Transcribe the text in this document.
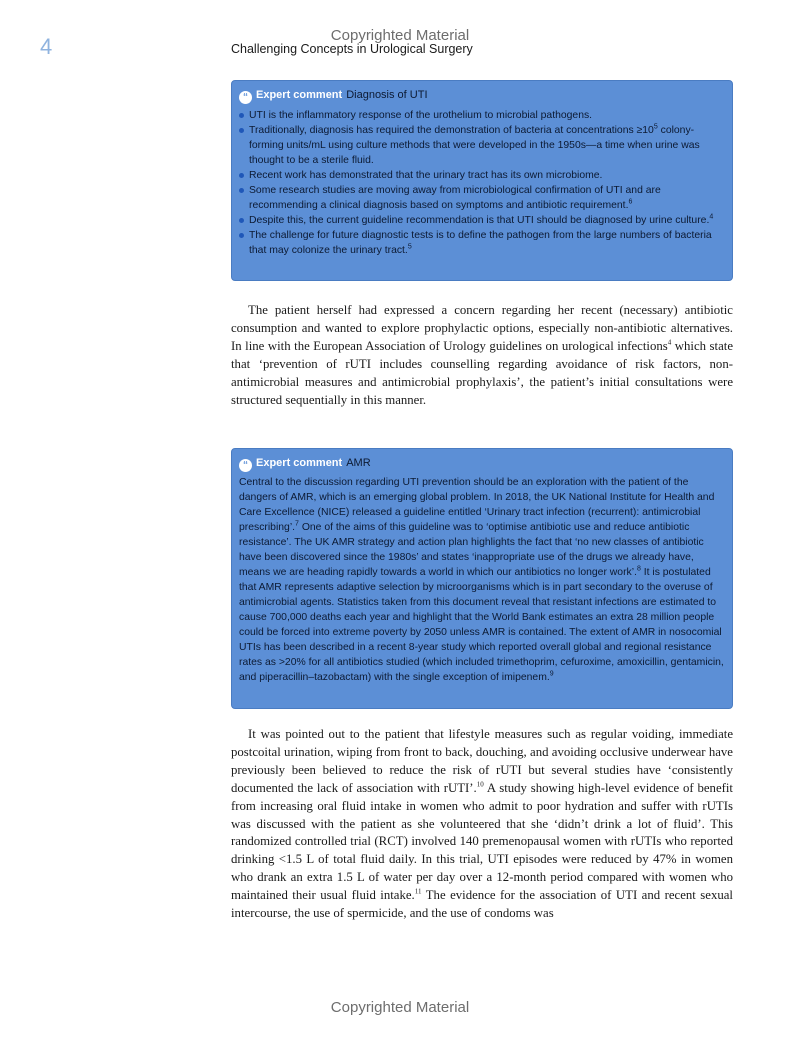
Copyrighted Material
4	Challenging Concepts in Urological Surgery
“ Expert comment Diagnosis of UTI
UTI is the inflammatory response of the urothelium to microbial pathogens.
Traditionally, diagnosis has required the demonstration of bacteria at concentrations $\ge 10^5$ colony-forming units/mL using culture methods that were developed in the 1950s—a time when urine was thought to be a sterile fluid.
Recent work has demonstrated that the urinary tract has its own microbiome.
Some research studies are moving away from microbiological confirmation of UTI and are recommending a clinical diagnosis based on symptoms and antibiotic requirement.$^6$
Despite this, the current guideline recommendation is that UTI should be diagnosed by urine culture.$^4$
The challenge for future diagnostic tests is to define the pathogen from the large numbers of bacteria that may colonize the urinary tract.$^5$

The patient herself had expressed a concern regarding her recent (necessary) antibiotic consumption and wanted to explore prophylactic options, especially non-antibiotic alternatives. In line with the European Association of Urology guidelines on urological infections$^4$ which state that ‘prevention of rUTI includes counselling regarding avoidance of risk factors, non-antimicrobial measures and antimicrobial prophylaxis’, the patient’s initial consultations were structured sequentially in this manner.

“ Expert comment AMR
Central to the discussion regarding UTI prevention should be an exploration with the patient of the dangers of AMR, which is an emerging global problem. In 2018, the UK National Institute for Health and Care Excellence (NICE) released a guideline entitled ‘Urinary tract infection (recurrent): antimicrobial prescribing’.$^7$ One of the aims of this guideline was to ‘optimise antibiotic use and reduce antibiotic resistance’. The UK AMR strategy and action plan highlights the fact that ‘no new classes of antibiotic have been discovered since the 1980s’ and states ‘inappropriate use of the drugs we already have, means we are heading rapidly towards a world in which our antibiotics no longer work’.$^8$ It is postulated that AMR represents adaptive selection by microorganisms which is in part secondary to the overuse of antimicrobial agents. Statistics taken from this document reveal that resistant infections are estimated to cause 700,000 deaths each year and highlight that the World Bank estimates an extra 28 million people could be forced into extreme poverty by 2050 unless AMR is contained. The extent of AMR in nosocomial UTIs has been described in a recent 8-year study which reported overall global and regional resistance rates as >20% for all antibiotics studied (which included trimethoprim, cefuroxime, amoxicillin, gentamicin, and piperacillin–tazobactam) with the single exception of imipenem.$^9$

It was pointed out to the patient that lifestyle measures such as regular voiding, immediate postcoital urination, wiping from front to back, douching, and avoiding occlusive underwear have previously been believed to reduce the risk of rUTI but several studies have ‘consistently documented the lack of association with rUTI’.$^{10}$ A study showing high-level evidence of benefit from increasing oral fluid intake in women who admit to poor hydration and suffer with rUTIs was discussed with the patient as she volunteered that she ‘didn’t drink a lot of fluid’. This randomized controlled trial (RCT) involved 140 premenopausal women with rUTIs who reported drinking <1.5 L of total fluid daily. In this trial, UTI episodes were reduced by 47% in women who drank an extra 1.5 L of water per day over a 12-month period compared with women who maintained their usual fluid intake.$^{11}$ The evidence for the association of UTI and recent sexual intercourse, the use of spermicide, and the use of condoms was

Copyrighted Material
